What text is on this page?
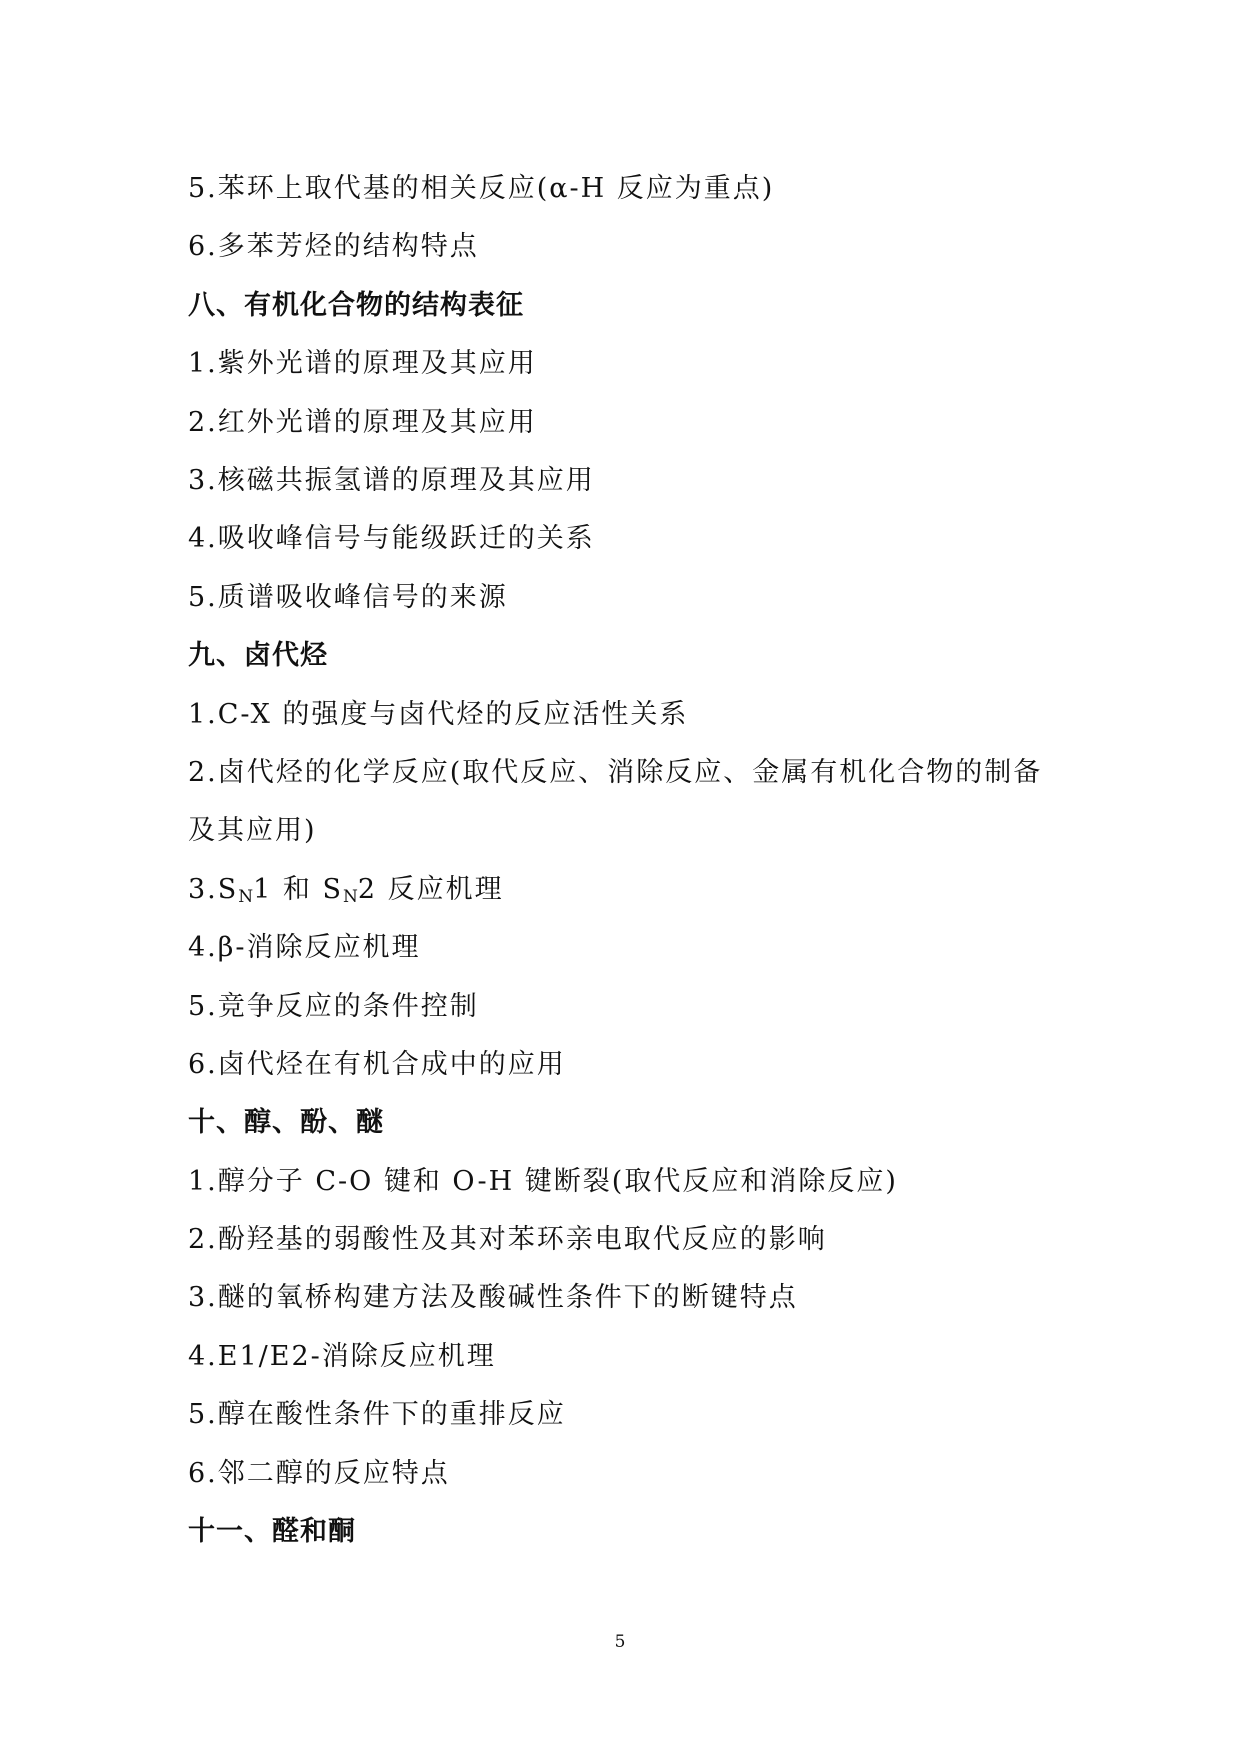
5.苯环上取代基的相关反应(α-H 反应为重点)
6.多苯芳烃的结构特点
八、有机化合物的结构表征
1.紫外光谱的原理及其应用
2.红外光谱的原理及其应用
3.核磁共振氢谱的原理及其应用
4.吸收峰信号与能级跃迁的关系
5.质谱吸收峰信号的来源
九、卤代烃
1.C-X 的强度与卤代烃的反应活性关系
2.卤代烃的化学反应(取代反应、消除反应、金属有机化合物的制备及其应用)
$3.S_N1$ 和 $S_N2$ 反应机理
4.β-消除反应机理
5.竞争反应的条件控制
6.卤代烃在有机合成中的应用
十、醇、酚、醚
1.醇分子 C-O 键和 O-H 键断裂(取代反应和消除反应)
2.酚羟基的弱酸性及其对苯环亲电取代反应的影响
3.醚的氧桥构建方法及酸碱性条件下的断键特点
4.E1/E2-消除反应机理
5.醇在酸性条件下的重排反应
6.邻二醇的反应特点
十一、醛和酮
5
